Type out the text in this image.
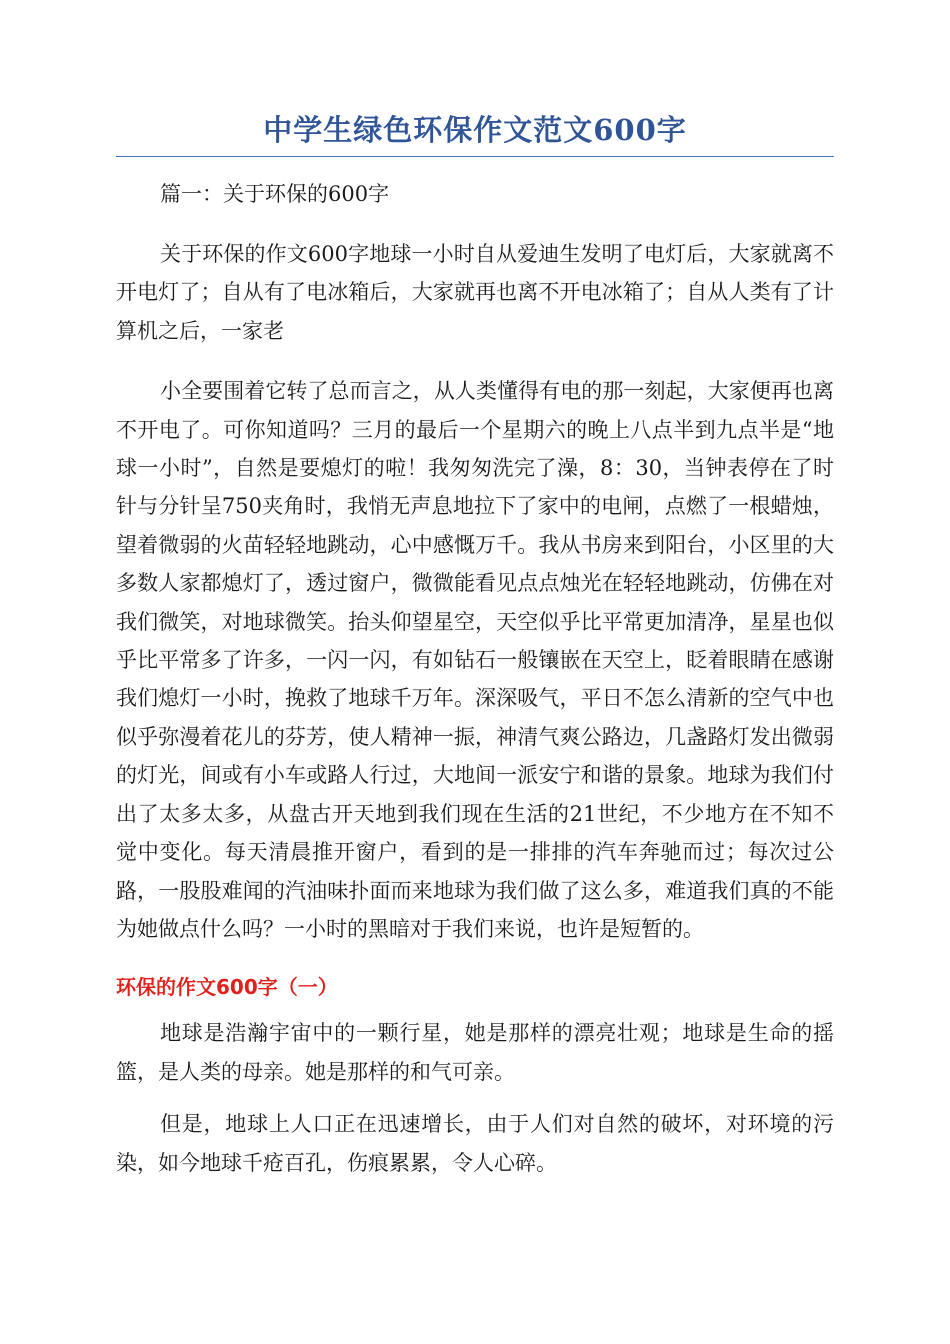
中学生绿色环保作文范文600字

篇一：关于环保的600字

关于环保的作文600字地球一小时自从爱迪生发明了电灯后，大家就离不开电灯了；自从有了电冰箱后，大家就再也离不开电冰箱了；自从人类有了计算机之后，一家老

小全要围着它转了总而言之，从人类懂得有电的那一刻起，大家便再也离不开电了。可你知道吗？三月的最后一个星期六的晚上八点半到九点半是“地球一小时”，自然是要熄灯的啦！我匆匆洗完了澡，8：30，当钟表停在了时针与分针呈750夹角时，我悄无声息地拉下了家中的电闸，点燃了一根蜡烛，望着微弱的火苗轻轻地跳动，心中感慨万千。我从书房来到阳台，小区里的大多数人家都熄灯了，透过窗户，微微能看见点点烛光在轻轻地跳动，仿佛在对我们微笑，对地球微笑。抬头仰望星空，天空似乎比平常更加清净，星星也似乎比平常多了许多，一闪一闪，有如钻石一般镶嵌在天空上，眨着眼睛在感谢我们熄灯一小时，挽救了地球千万年。深深吸气，平日不怎么清新的空气中也似乎弥漫着花儿的芬芳，使人精神一振，神清气爽公路边，几盏路灯发出微弱的灯光，间或有小车或路人行过，大地间一派安宁和谐的景象。地球为我们付出了太多太多，从盘古开天地到我们现在生活的21世纪，不少地方在不知不觉中变化。每天清晨推开窗户，看到的是一排排的汽车奔驰而过；每次过公路，一股股难闻的汽油味扑面而来地球为我们做了这么多，难道我们真的不能为她做点什么吗？一小时的黑暗对于我们来说，也许是短暂的。

环保的作文600字（一）

地球是浩瀚宇宙中的一颗行星，她是那样的漂亮壮观；地球是生命的摇篮，是人类的母亲。她是那样的和气可亲。

但是，地球上人口正在迅速增长，由于人们对自然的破坏，对环境的污染，如今地球千疮百孔，伤痕累累，令人心碎。
